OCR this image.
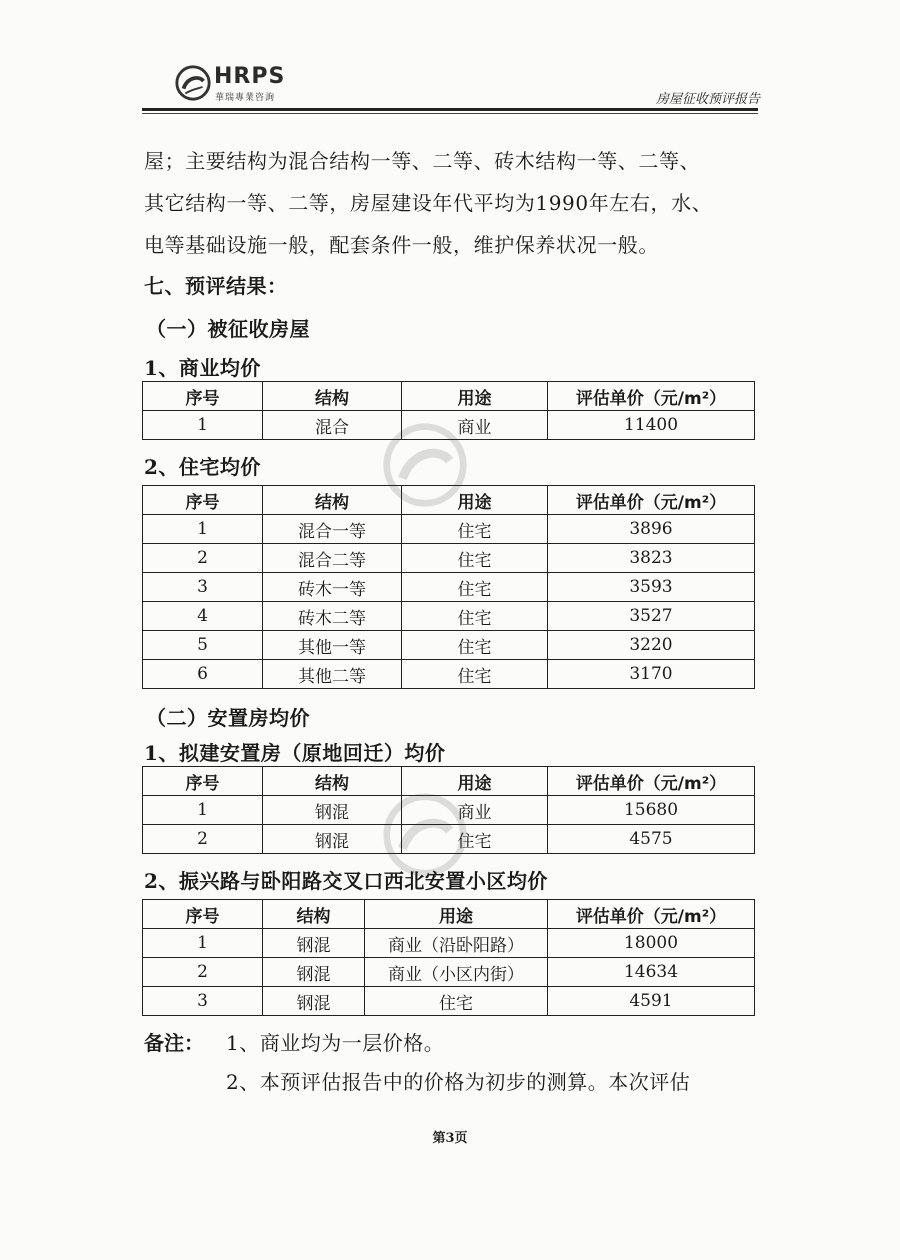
HRPS
華瑞專業咨詢	房屋征收预评报告
屋；主要结构为混合结构一等、二等、砖木结构一等、二等、
其它结构一等、二等，房屋建设年代平均为1990年左右，水、
电等基础设施一般，配套条件一般，维护保养状况一般。
七、预评结果：
（一）被征收房屋
1、商业均价
序号	结构	用途	评估单价（元/m²）
1	混合	商业	11400
2、住宅均价
序号	结构	用途	评估单价（元/m²）
1	混合一等	住宅	3896
2	混合二等	住宅	3823
3	砖木一等	住宅	3593
4	砖木二等	住宅	3527
5	其他一等	住宅	3220
6	其他二等	住宅	3170
（二）安置房均价
1、拟建安置房（原地回迁）均价
序号	结构	用途	评估单价（元/m²）
1	钢混	商业	15680
2	钢混	住宅	4575
2、振兴路与卧阳路交叉口西北安置小区均价
序号	结构	用途	评估单价（元/m²）
1	钢混	商业（沿卧阳路）	18000
2	钢混	商业（小区内街）	14634
3	钢混	住宅	4591
备注： 1、商业均为一层价格。
2、本预评估报告中的价格为初步的测算。本次评估
第3页
